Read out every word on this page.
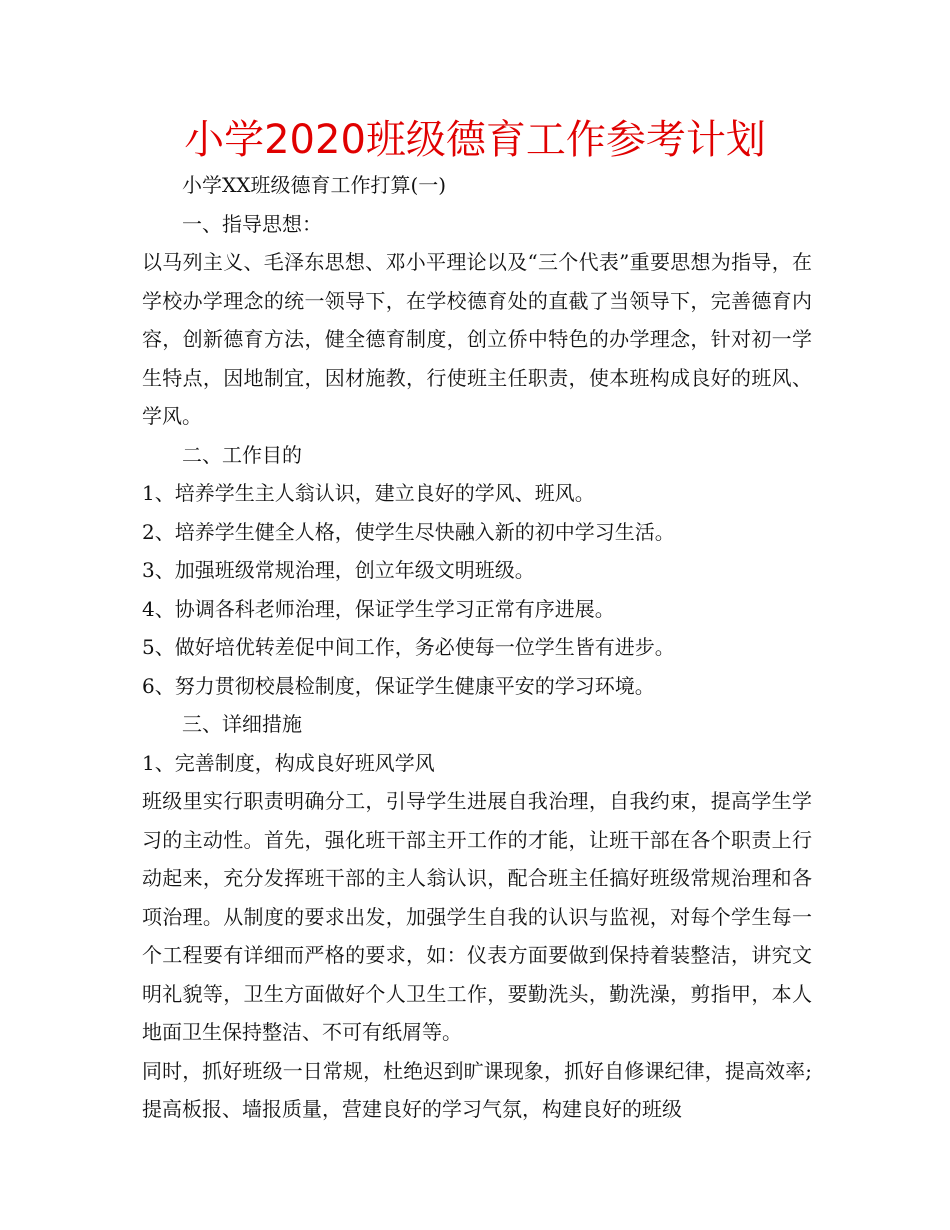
小学2020班级德育工作参考计划

小学XX班级德育工作打算(一)

一、指导思想：

以马列主义、毛泽东思想、邓小平理论以及“三个代表”重要思想为指导，在学校办学理念的统一领导下，在学校德育处的直截了当领导下，完善德育内容，创新德育方法，健全德育制度，创立侨中特色的办学理念，针对初一学生特点，因地制宜，因材施教，行使班主任职责，使本班构成良好的班风、学风。

二、工作目的

1、培养学生主人翁认识，建立良好的学风、班风。

2、培养学生健全人格，使学生尽快融入新的初中学习生活。

3、加强班级常规治理，创立年级文明班级。

4、协调各科老师治理，保证学生学习正常有序进展。

5、做好培优转差促中间工作，务必使每一位学生皆有进步。

6、努力贯彻校晨检制度，保证学生健康平安的学习环境。

三、详细措施

1、完善制度，构成良好班风学风

班级里实行职责明确分工，引导学生进展自我治理，自我约束，提高学生学习的主动性。首先，强化班干部主开工作的才能，让班干部在各个职责上行动起来，充分发挥班干部的主人翁认识，配合班主任搞好班级常规治理和各项治理。从制度的要求出发，加强学生自我的认识与监视，对每个学生每一个工程要有详细而严格的要求，如：仪表方面要做到保持着装整洁，讲究文明礼貌等，卫生方面做好个人卫生工作，要勤洗头，勤洗澡，剪指甲，本人地面卫生保持整洁、不可有纸屑等。

同时，抓好班级一日常规，杜绝迟到旷课现象，抓好自修课纪律，提高效率;提高板报、墙报质量，营建良好的学习气氛，构建良好的班级
